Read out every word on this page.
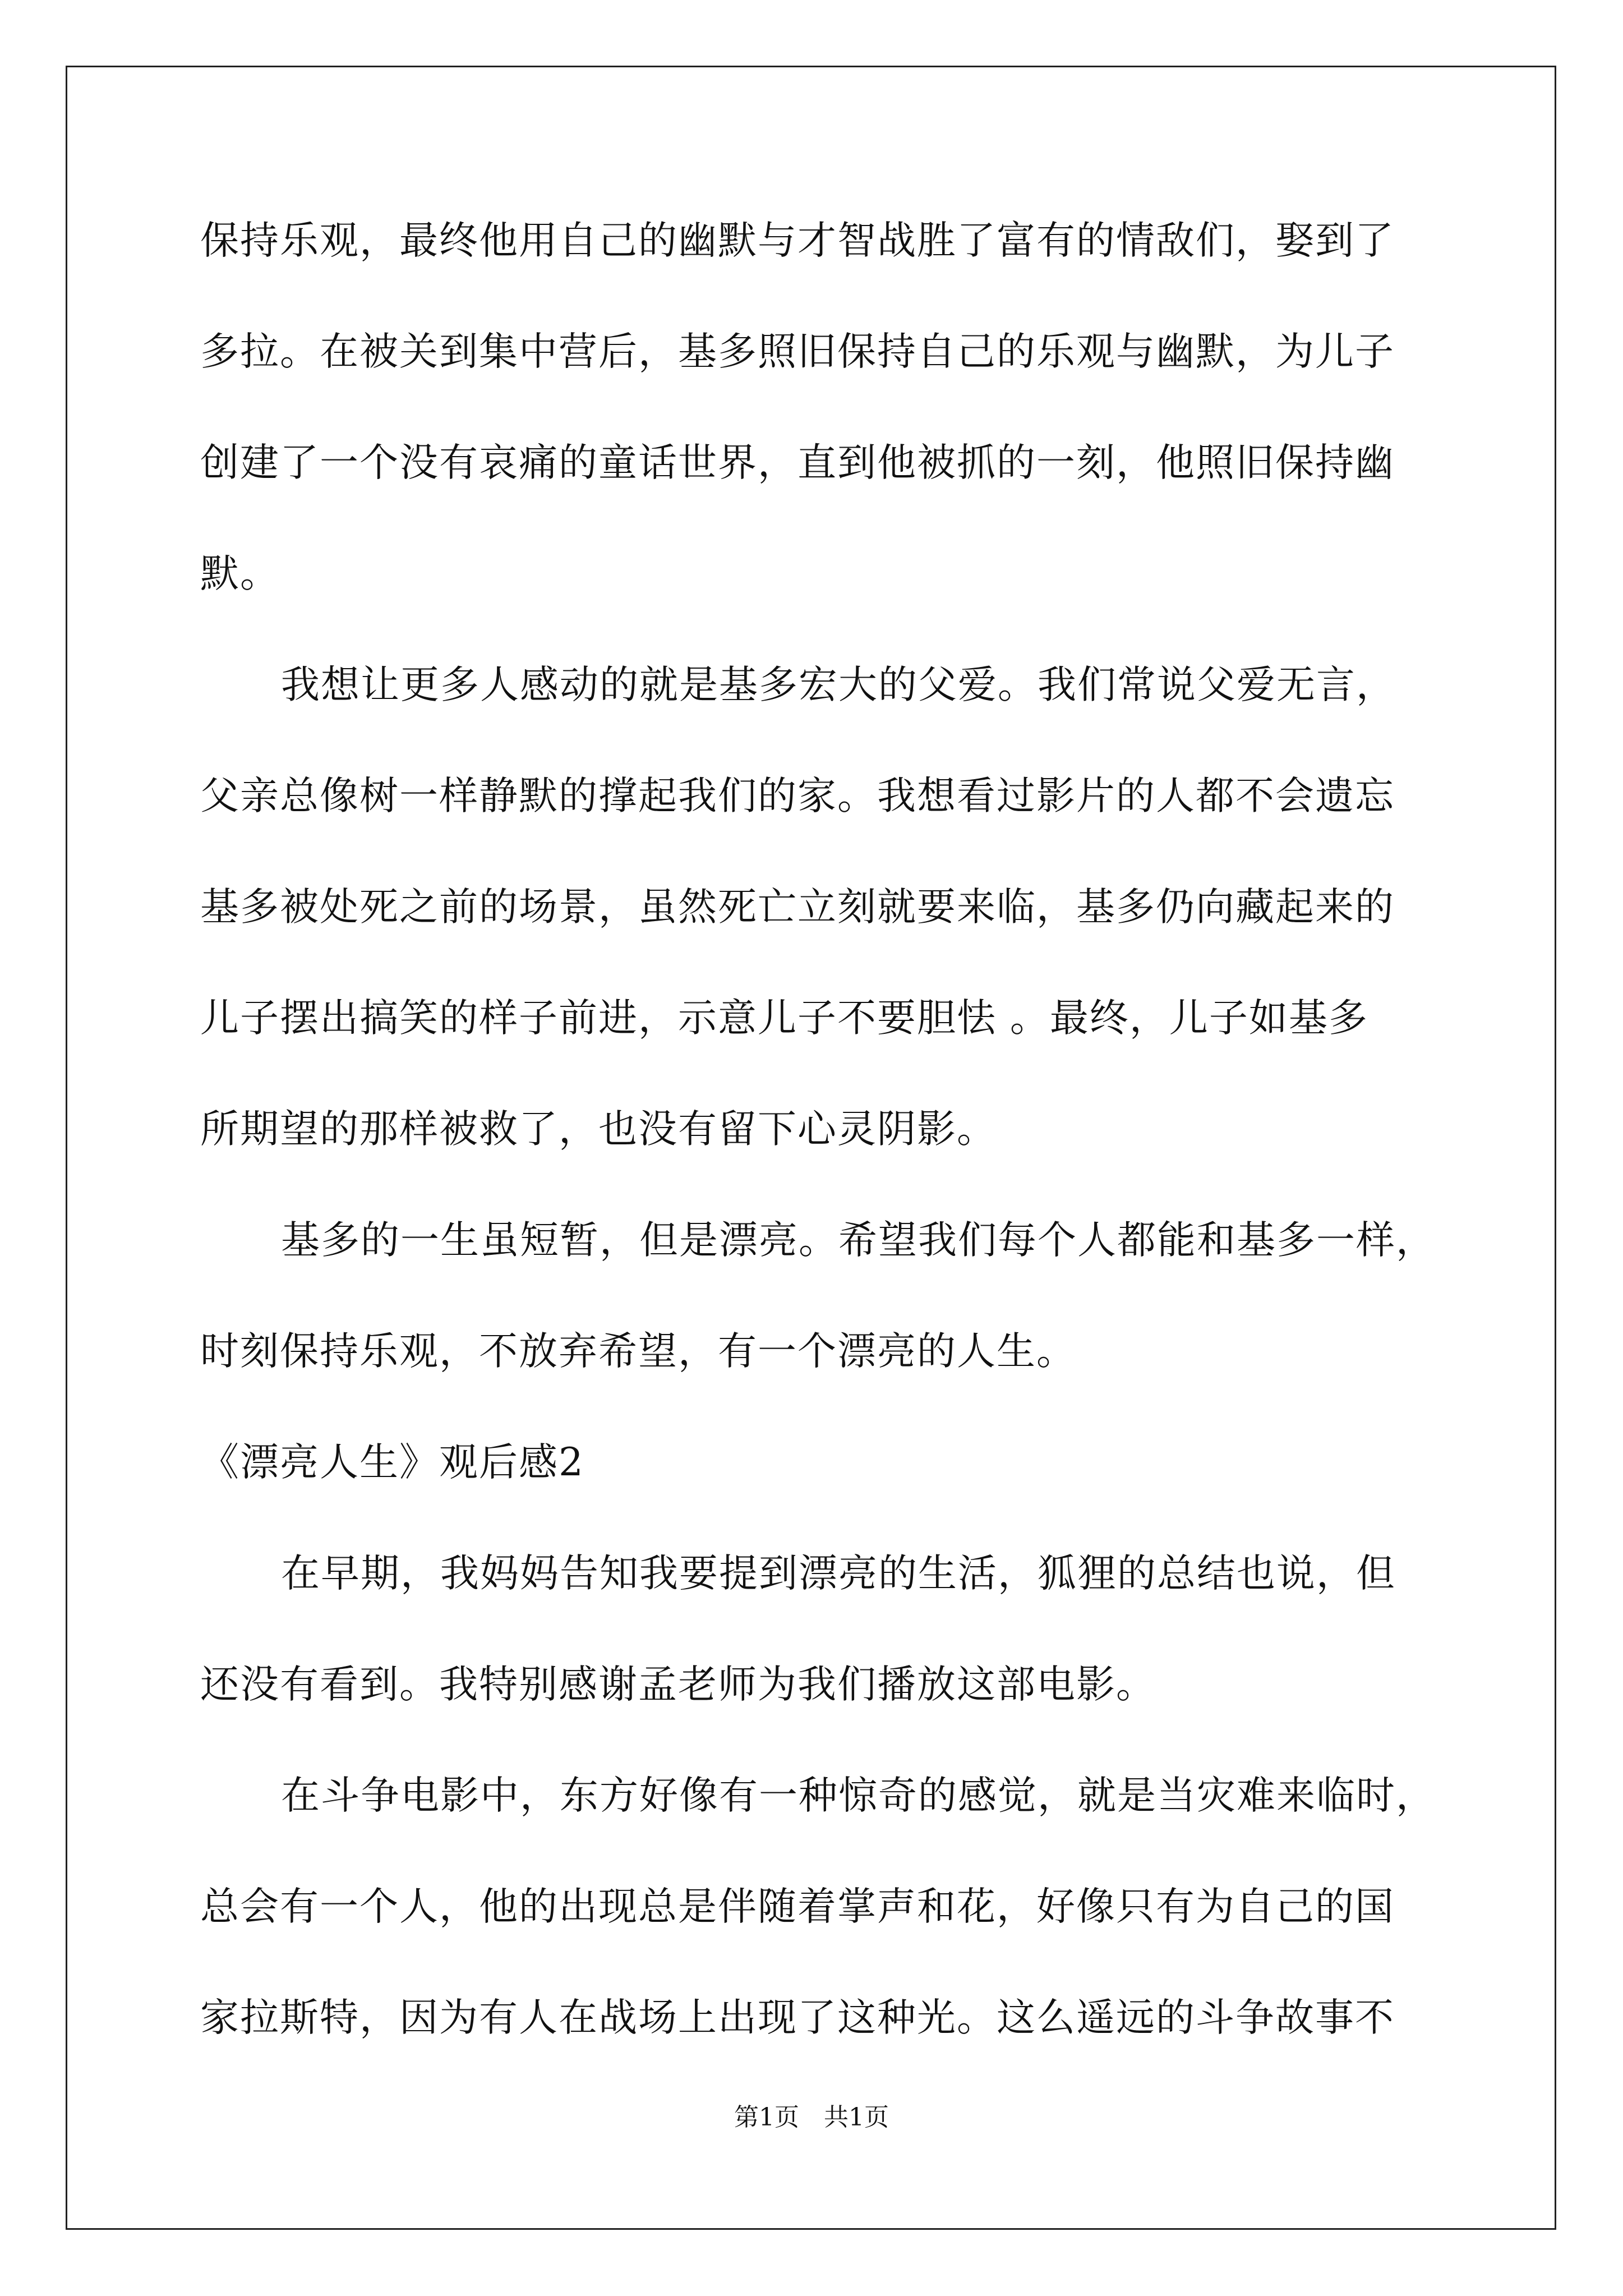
保持乐观，最终他用自己的幽默与才智战胜了富有的情敌们，娶到了
多拉。在被关到集中营后，基多照旧保持自己的乐观与幽默，为儿子
创建了一个没有哀痛的童话世界，直到他被抓的一刻，他照旧保持幽
默。
我想让更多人感动的就是基多宏大的父爱。我们常说父爱无言，
父亲总像树一样静默的撑起我们的家。我想看过影片的人都不会遗忘
基多被处死之前的场景，虽然死亡立刻就要来临，基多仍向藏起来的
儿子摆出搞笑的样子前进，示意儿子不要胆怯 。最终，儿子如基多
所期望的那样被救了，也没有留下心灵阴影。
基多的一生虽短暂，但是漂亮。希望我们每个人都能和基多一样，
时刻保持乐观，不放弃希望，有一个漂亮的人生。
《漂亮人生》观后感2
在早期，我妈妈告知我要提到漂亮的生活，狐狸的总结也说，但
还没有看到。我特别感谢孟老师为我们播放这部电影。
在斗争电影中，东方好像有一种惊奇的感觉，就是当灾难来临时，
总会有一个人，他的出现总是伴随着掌声和花，好像只有为自己的国
家拉斯特，因为有人在战场上出现了这种光。这么遥远的斗争故事不
第1页　共1页
